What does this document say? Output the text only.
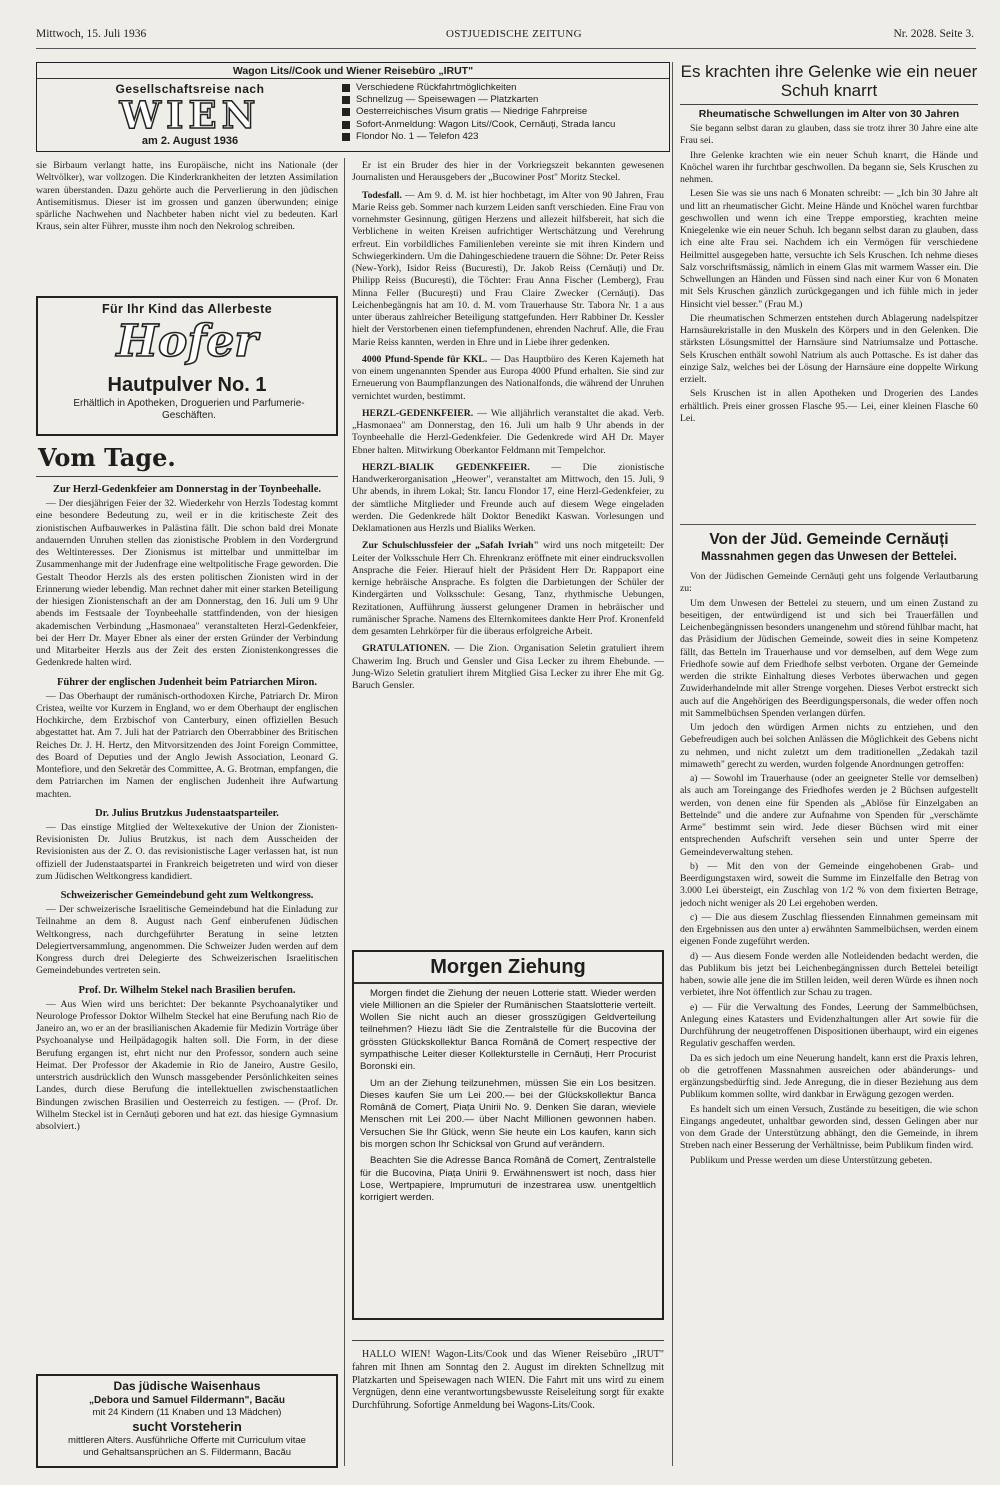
Mittwoch, 15. Juli 1936	OSTJUEDISCHE ZEITUNG	Nr. 2028. Seite 3.
Wagon Lits//Cook und Wiener Reisebüro „IRUT"
Gesellschaftsreise nach
WIEN
am 2. August 1936
Verschiedene Rückfahrtmöglichkeiten
Schnellzug — Speisewagen — Platzkarten
Oesterreichisches Visum gratis — Niedrige Fahrpreise
Sofort-Anmeldung: Wagon Lits//Cook, Cernăuți, Strada Iancu
Flondor No. 1 — Telefon 423

sie Birbaum verlangt hatte, ins Europäische, nicht ins Nationale (der Weltvölker), war vollzogen. Die Kinderkrankheiten der letzten Assimilation waren überstanden. Dazu gehörte auch die Perverlierung in den jüdischen Antisemitismus. Dieser ist im grossen und ganzen überwunden; einige spärliche Nachwehen und Nachbeter haben nicht viel zu bedeuten. Karl Kraus, sein alter Führer, musste ihm noch den Nekrolog schreiben.

Für Ihr Kind das Allerbeste
Hofer
Hautpulver No. 1
Erhältlich in Apotheken, Droguerien und Parfumerie-Geschäften.
Vom Tage.

Zur Herzl-Gedenkfeier am Donnerstag in der Toynbeehalle.

— Der diesjährigen Feier der 32. Wiederkehr von Herzls Todestag kommt eine besondere Bedeutung zu, weil er in die kritischeste Zeit des zionistischen Aufbauwerkes in Palästina fällt. Die schon bald drei Monate andauernden Unruhen stellen das zionistische Problem in den Vordergrund des Weltinteresses. Der Zionismus ist mittelbar und unmittelbar im Zusammenhange mit der Judenfrage eine weltpolitische Frage geworden. Die Gestalt Theodor Herzls als des ersten politischen Zionisten wird in der Erinnerung wieder lebendig. Man rechnet daher mit einer starken Beteiligung der hiesigen Zionistenschaft an der am Donnerstag, den 16. Juli um 9 Uhr abends im Festsaale der Toynbeehalle stattfindenden, von der hiesigen akademischen Verbindung „Hasmonaea" veranstalteten Herzl-Gedenkfeier, bei der Herr Dr. Mayer Ebner als einer der ersten Gründer der Verbindung und Mitarbeiter Herzls aus der Zeit des ersten Zionistenkongresses die Gedenkrede halten wird.

Führer der englischen Judenheit beim Patriarchen Miron.

— Das Oberhaupt der rumänisch-orthodoxen Kirche, Patriarch Dr. Miron Cristea, weilte vor Kurzem in England, wo er dem Oberhaupt der englischen Hochkirche, dem Erzbischof von Canterbury, einen offiziellen Besuch abgestattet hat. Am 7. Juli hat der Patriarch den Oberrabbiner des Britischen Reiches Dr. J. H. Hertz, den Mitvorsitzenden des Joint Foreign Committee, des Board of Deputies und der Anglo Jewish Association, Leonard G. Montefiore, und den Sekretär des Committee, A. G. Brotman, empfangen, die dem Patriarchen im Namen der englischen Judenheit ihre Aufwartung machten.

Dr. Julius Brutzkus Judenstaatsparteiler.

— Das einstige Mitglied der Weltexekutive der Union der Zionisten-Revisionisten Dr. Julius Brutzkus, ist nach dem Ausscheiden der Revisionisten aus der Z. O. das revisionistische Lager verlassen hat, ist nun offiziell der Judenstaatspartei in Frankreich beigetreten und wird von dieser zum Jüdischen Weltkongress kandidiert.

Schweizerischer Gemeindebund geht zum Weltkongress.

— Der schweizerische Israelitische Gemeindebund hat die Einladung zur Teilnahme an dem 8. August nach Genf einberufenen Jüdischen Weltkongress, nach durchgeführter Beratung in seine letzten Delegiertversammlung, angenommen. Die Schweizer Juden werden auf dem Kongress durch drei Delegierte des Schweizerischen Israelitischen Gemeindebundes vertreten sein.

Prof. Dr. Wilhelm Stekel nach Brasilien berufen.

— Aus Wien wird uns berichtet: Der bekannte Psychoanalytiker und Neurologe Professor Doktor Wilhelm Steckel hat eine Berufung nach Rio de Janeiro an, wo er an der brasilianischen Akademie für Medizin Vorträge über Psychoanalyse und Heilpädagogik halten soll. Die Form, in der diese Berufung ergangen ist, ehrt nicht nur den Professor, sondern auch seine Heimat. Der Professor der Akademie in Rio de Janeiro, Austre Gesilo, unterstrich ausdrücklich den Wunsch massgebender Persönlichkeiten seines Landes, durch diese Berufung die intellektuellen zwischenstaatlichen Bindungen zwischen Brasilien und Oesterreich zu festigen. — (Prof. Dr. Wilhelm Steckel ist in Cernăuți geboren und hat ezt. das hiesige Gymnasium absolviert.)

Das jüdische Waisenhaus
„Debora und Samuel Fildermann", Bacău
mit 24 Kindern (11 Knaben und 13 Mädchen)
sucht Vorsteherin
mittleren Alters. Ausführliche Offerte mit Curriculum vitae
und Gehaltsansprüchen an S. Fildermann, Bacău

Er ist ein Bruder des hier in der Vorkriegszeit bekannten gewesenen Journalisten und Herausgebers der „Bucowiner Post" Moritz Steckel.

Todesfall. — Am 9. d. M. ist hier hochbetagt, im Alter von 90 Jahren, Frau Marie Reiss geb. Sommer nach kurzem Leiden sanft verschieden. Eine Frau von vornehmster Gesinnung, gütigen Herzens und allezeit hilfsbereit, hat sich die Verblichene in weiten Kreisen aufrichtiger Wertschätzung und Verehrung erfreut. Ein vorbildliches Familienleben vereinte sie mit ihren Kindern und Schwiegerkindern. Um die Dahingeschiedene trauern die Söhne: Dr. Peter Reiss (New-York), Isidor Reiss (Bucuresti), Dr. Jakob Reiss (Cernăuți) und Dr. Philipp Reiss (București), die Töchter: Frau Anna Fischer (Lemberg), Frau Minna Feller (București) und Frau Claire Zwecker (Cernăuți). Das Leichenbegängnis hat am 10. d. M. vom Trauerhause Str. Tabora Nr. 1 a aus unter überaus zahlreicher Beteiligung stattgefunden. Herr Rabbiner Dr. Kessler hielt der Verstorbenen einen tiefempfundenen, ehrenden Nachruf. Alle, die Frau Marie Reiss kannten, werden in Ehre und in Liebe ihrer gedenken.

4000 Pfund-Spende für KKL. — Das Hauptbüro des Keren Kajemeth hat von einem ungenannten Spender aus Europa 4000 Pfund erhalten. Sie sind zur Erneuerung von Baumpflanzungen des Nationalfonds, die während der Unruhen vernichtet wurden, bestimmt.

HERZL-GEDENKFEIER. — Wie alljährlich veranstaltet die akad. Verb. „Hasmonaea" am Donnerstag, den 16. Juli um halb 9 Uhr abends in der Toynbeehalle die Herzl-Gedenkfeier. Die Gedenkrede wird AH Dr. Mayer Ebner halten. Mitwirkung Oberkantor Feldmann mit Tempelchor.

HERZL-BIALIK GEDENKFEIER. — Die zionistische Handwerkerorganisation „Heower", veranstaltet am Mittwoch, den 15. Juli, 9 Uhr abends, in ihrem Lokal; Str. Iancu Flondor 17, eine Herzl-Gedenkfeier, zu der sämtliche Mitglieder und Freunde auch auf diesem Wege eingeladen werden. Die Gedenkrede hält Doktor Benedikt Kaswan. Vorlesungen und Deklamationen aus Herzls und Bialiks Werken.

Zur Schulschlussfeier der „Safah Ivriah" wird uns noch mitgeteilt: Der Leiter der Volksschule Herr Ch. Ehrenkranz eröffnete mit einer eindrucksvollen Ansprache die Feier. Hierauf hielt der Präsident Herr Dr. Rappaport eine kernige hebräische Ansprache. Es folgten die Darbietungen der Schüler der Kindergärten und Volksschule: Gesang, Tanz, rhythmische Uebungen, Rezitationen, Aufführung äusserst gelungener Dramen in hebräischer und rumänischer Sprache. Namens des Elternkomitees dankte Herr Prof. Kronenfeld dem gesamten Lehrkörper für die überaus erfolgreiche Arbeit.

GRATULATIONEN. — Die Zion. Organisation Seletin gratuliert ihrem Chawerim Ing. Bruch und Gensler und Gisa Lecker zu ihrem Ehebunde. — Jung-Wizo Seletin gratuliert ihrem Mitglied Gisa Lecker zu ihrer Ehe mit Gg. Baruch Gensler.

Morgen Ziehung

Morgen findet die Ziehung der neuen Lotterie statt. Wieder werden viele Millionen an die Spieler der Rumänischen Staatslotterie verteilt. Wollen Sie nicht auch an dieser grosszügigen Geldverteilung teilnehmen? Hiezu lädt Sie die Zentralstelle für die Bucovina der grössten Glückskollektur Banca Română de Comerț respective der sympathische Leiter dieser Kollekturstelle in Cernăuți, Herr Procurist Boronski ein.

Um an der Ziehung teilzunehmen, müssen Sie ein Los besitzen. Dieses kaufen Sie um Lei 200.— bei der Glückskollektur Banca Română de Comerț, Piața Unirii No. 9. Denken Sie daran, wieviele Menschen mit Lei 200.— über Nacht Millionen gewonnen haben. Versuchen Sie Ihr Glück, wenn Sie heute ein Los kaufen, kann sich bis morgen schon Ihr Schicksal von Grund auf verändern.

Beachten Sie die Adresse Banca Română de Comerț, Zentralstelle für die Bucovina, Piața Unirii 9. Erwähnenswert ist noch, dass hier Lose, Wertpapiere, Imprumuturi de inzestrarea usw. unentgeltlich korrigiert werden.

HALLO WIEN! Wagon-Lits/Cook und das Wiener Reisebüro „IRUT" fahren mit Ihnen am Sonntag den 2. August im direkten Schnellzug mit Platzkarten und Speisewagen nach WIEN. Die Fahrt mit uns wird zu einem Vergnügen, denn eine verantwortungsbewusste Reiseleitung sorgt für exakte Durchführung. Sofortige Anmeldung bei Wagons-Lits/Cook.

Es krachten ihre Gelenke wie ein neuer Schuh knarrt
Rheumatische Schwellungen im Alter von 30 Jahren

Sie begann selbst daran zu glauben, dass sie trotz ihrer 30 Jahre eine alte Frau sei.

Ihre Gelenke krachten wie ein neuer Schuh knarrt, die Hände und Knöchel waren ihr furchtbar geschwollen. Da begann sie, Sels Kruschen zu nehmen.

Lesen Sie was sie uns nach 6 Monaten schreibt: — „Ich bin 30 Jahre alt und litt an rheumatischer Gicht. Meine Hände und Knöchel waren furchtbar geschwollen und wenn ich eine Treppe emporstieg, krachten meine Kniegelenke wie ein neuer Schuh. Ich begann selbst daran zu glauben, dass ich eine alte Frau sei. Nachdem ich ein Vermögen für verschiedene Heilmittel ausgegeben hatte, versuchte ich Sels Kruschen. Ich nehme dieses Salz vorschriftsmässig, nämlich in einem Glas mit warmem Wasser ein. Die Schwellungen an Händen und Füssen sind nach einer Kur von 6 Monaten mit Sels Kruschen gänzlich zurückgegangen und ich fühle mich in jeder Hinsicht viel besser." (Frau M.)

Die rheumatischen Schmerzen entstehen durch Ablagerung nadelspitzer Harnsäurekristalle in den Muskeln des Körpers und in den Gelenken. Die stärksten Lösungsmittel der Harnsäure sind Natriumsalze und Pottasche. Sels Kruschen enthält sowohl Natrium als auch Pottasche. Es ist daher das einzige Salz, welches bei der Lösung der Harnsäure eine doppelte Wirkung erzielt.

Sels Kruschen ist in allen Apotheken und Drogerien des Landes erhältlich. Preis einer grossen Flasche 95.— Lei, einer kleinen Flasche 60 Lei.

Von der Jüd. Gemeinde Cernăuți
Massnahmen gegen das Unwesen der Bettelei.

Von der Jüdischen Gemeinde Cernăuți geht uns folgende Verlautbarung zu:

Um dem Unwesen der Bettelei zu steuern, und um einen Zustand zu beseitigen, der entwürdigend ist und sich bei Trauerfällen und Leichenbegängnissen besonders unangenehm und störend fühlbar macht, hat das Präsidium der Jüdischen Gemeinde, soweit dies in seine Kompetenz fällt, das Betteln im Trauerhause und vor demselben, auf dem Wege zum Friedhofe sowie auf dem Friedhofe selbst verboten. Organe der Gemeinde werden die strikte Einhaltung dieses Verbotes überwachen und gegen Zuwiderhandelnde mit aller Strenge vorgehen. Dieses Verbot erstreckt sich auch auf die Angehörigen des Beerdigungspersonals, die weder offen noch mit Sammelbüchsen Spenden verlangen dürfen.

Um jedoch den würdigen Armen nichts zu entziehen, und den Gebefreudigen auch bei solchen Anlässen die Möglichkeit des Gebens nicht zu nehmen, und nicht zuletzt um dem traditionellen „Zedakah tazil mimaweth" gerecht zu werden, wurden folgende Anordnungen getroffen:

a) — Sowohl im Trauerhause (oder an geeigneter Stelle vor demselben) als auch am Toreingange des Friedhofes werden je 2 Büchsen aufgestellt werden, von denen eine für Spenden als „Ablöse für Einzelgaben an Bettelnde" und die andere zur Aufnahme von Spenden für „verschämte Arme" bestimmt sein wird. Jede dieser Büchsen wird mit einer entsprechenden Aufschrift versehen sein und unter Sperre der Gemeindeverwaltung stehen.

b) — Mit den von der Gemeinde eingehobenen Grab- und Beerdigungstaxen wird, soweit die Summe im Einzelfalle den Betrag von 3.000 Lei übersteigt, ein Zuschlag von 1/2 % von dem fixierten Betrage, jedoch nicht weniger als 20 Lei ergehoben werden.

c) — Die aus diesem Zuschlag fliessenden Einnahmen gemeinsam mit den Ergebnissen aus den unter a) erwähnten Sammelbüchsen, werden einem eigenen Fonde zugeführt werden.

d) — Aus diesem Fonde werden alle Notleidenden bedacht werden, die das Publikum bis jetzt bei Leichenbegängnissen durch Bettelei beteiligt haben, sowie alle jene die im Stillen leiden, weil deren Würde es ihnen noch verbietet, ihre Not öffentlich zur Schau zu tragen.

e) — Für die Verwaltung des Fondes, Leerung der Sammelbüchsen, Anlegung eines Katasters und Evidenzhaltungen aller Art sowie für die Durchführung der neugetroffenen Dispositionen überhaupt, wird ein eigenes Regulativ geschaffen werden.

Da es sich jedoch um eine Neuerung handelt, kann erst die Praxis lehren, ob die getroffenen Massnahmen ausreichen oder abänderungs- und ergänzungsbedürftig sind. Jede Anregung, die in dieser Beziehung aus dem Publikum kommen sollte, wird dankbar in Erwägung gezogen werden.

Es handelt sich um einen Versuch, Zustände zu beseitigen, die wie schon Eingangs angedeutet, unhaltbar geworden sind, dessen Gelingen aber nur von dem Grade der Unterstützung abhängt, den die Gemeinde, in ihrem Streben nach einer Besserung der Verhältnisse, beim Publikum finden wird.

Publikum und Presse werden um diese Unterstützung gebeten.
